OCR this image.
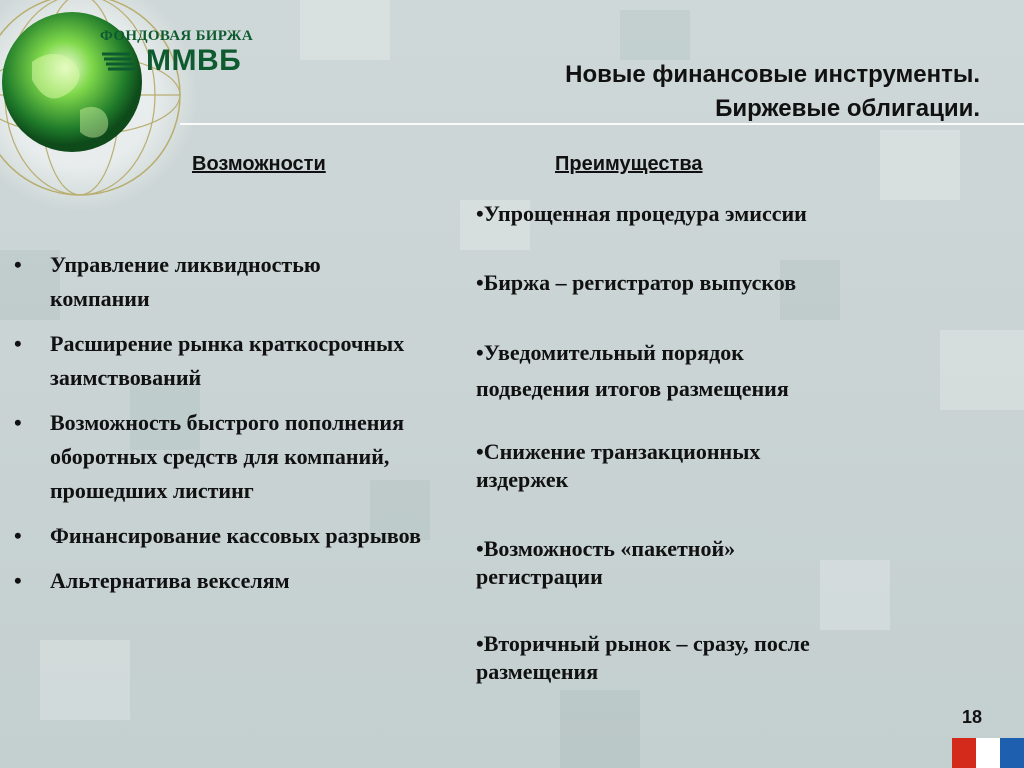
ФОНДОВАЯ БИРЖА
ММВБ	Новые финансовые инструменты.
Биржевые облигации.
Возможности	Преимущества
• Управление ликвидностью компании
• Расширение рынка краткосрочных заимствований
• Возможность быстрого пополнения оборотных средств для компаний, прошедших листинг
• Финансирование кассовых разрывов
• Альтернатива векселям
•Упрощенная процедура эмиссии
•Биржа – регистратор выпусков
•Уведомительный порядок
подведения итогов размещения
•Снижение транзакционных
издержек
•Возможность «пакетной»
регистрации
•Вторичный рынок – сразу, после
размещения
18
